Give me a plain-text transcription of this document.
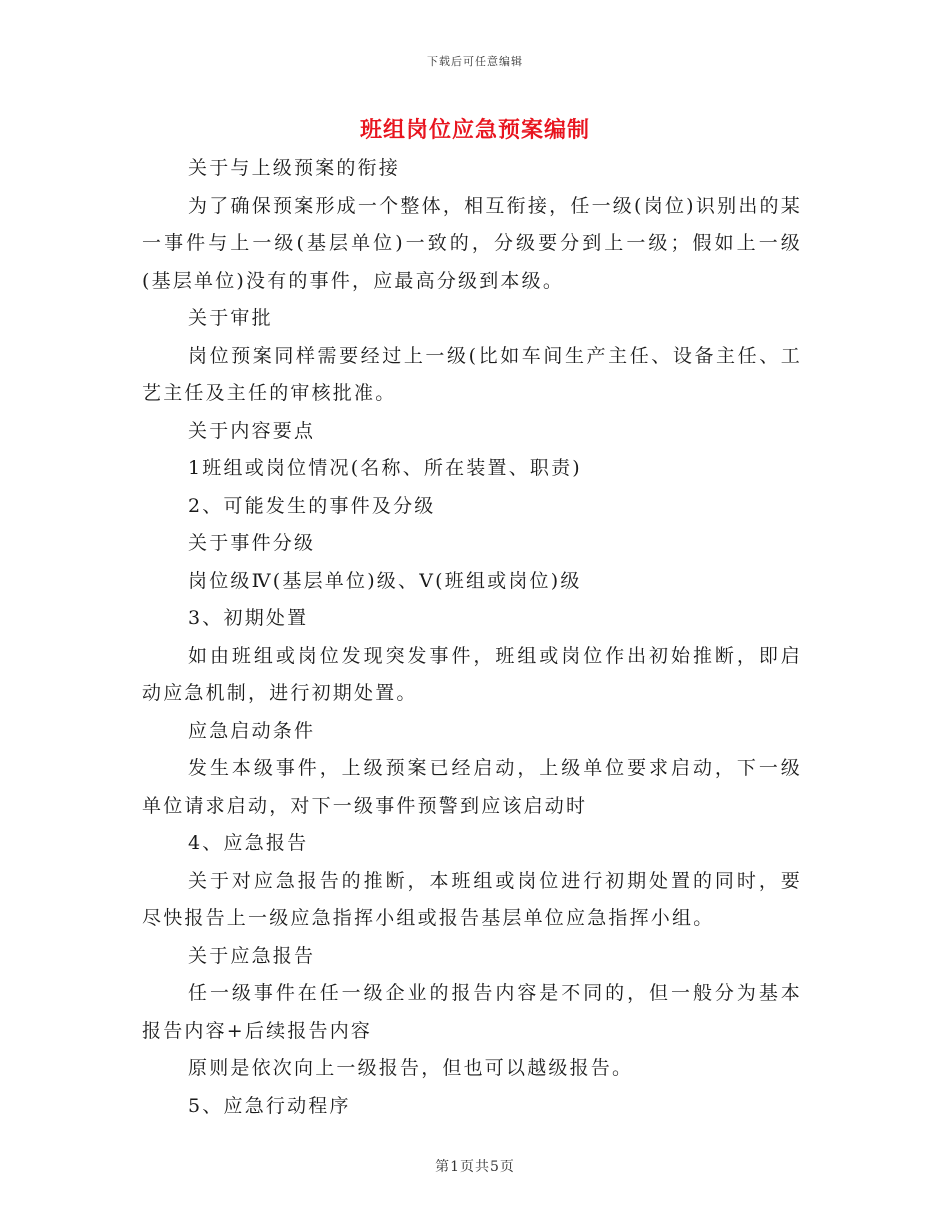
下载后可任意编辑
班组岗位应急预案编制

关于与上级预案的衔接

为了确保预案形成一个整体，相互衔接，任一级(岗位)识别出的某一事件与上一级(基层单位)一致的，分级要分到上一级；假如上一级(基层单位)没有的事件，应最高分级到本级。

关于审批

岗位预案同样需要经过上一级(比如车间生产主任、设备主任、工艺主任及主任的审核批准。

关于内容要点

1班组或岗位情况(名称、所在装置、职责)

2、可能发生的事件及分级

关于事件分级

岗位级Ⅳ(基层单位)级、Ⅴ(班组或岗位)级

3、初期处置

如由班组或岗位发现突发事件，班组或岗位作出初始推断，即启动应急机制，进行初期处置。

应急启动条件

发生本级事件，上级预案已经启动，上级单位要求启动，下一级单位请求启动，对下一级事件预警到应该启动时

4、应急报告

关于对应急报告的推断，本班组或岗位进行初期处置的同时，要尽快报告上一级应急指挥小组或报告基层单位应急指挥小组。

关于应急报告

任一级事件在任一级企业的报告内容是不同的，但一般分为基本报告内容+后续报告内容

原则是依次向上一级报告，但也可以越级报告。

5、应急行动程序

第1页共5页
